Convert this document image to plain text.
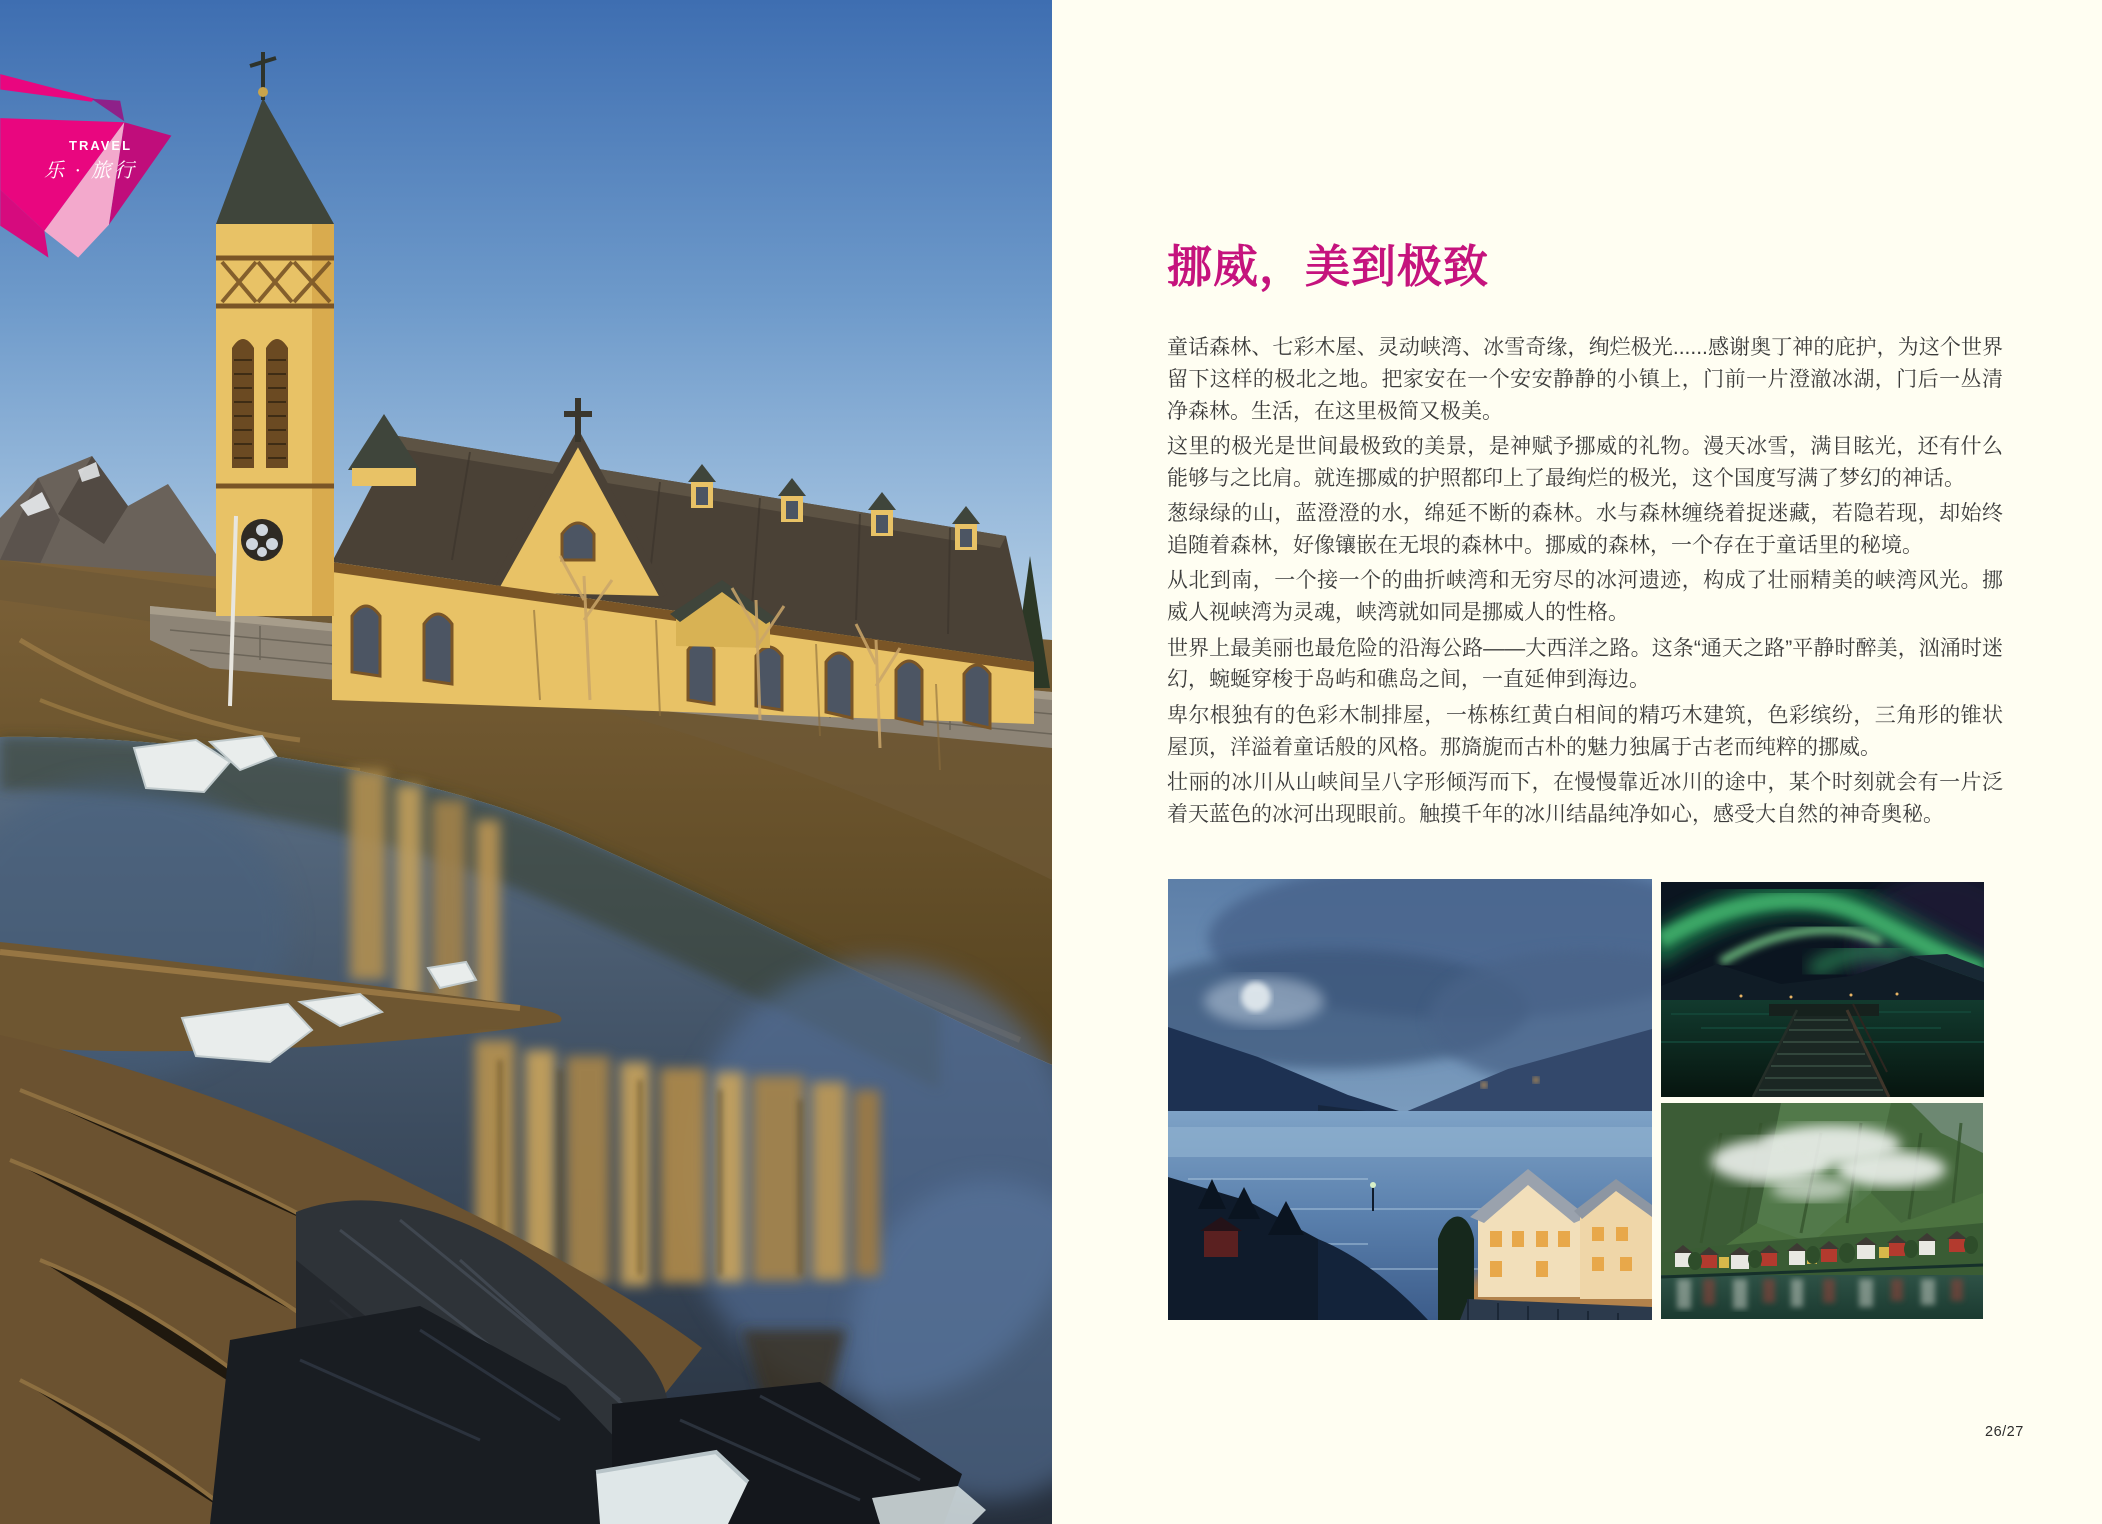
TRAVEL
乐 · 旅行
挪威，美到极致

童话森林、七彩木屋、灵动峡湾、冰雪奇缘，绚烂极光......感谢奥丁神的庇护，为这个世界留下这样的极北之地。把家安在一个安安静静的小镇上，门前一片澄澈冰湖，门后一丛清净森林。生活，在这里极简又极美。

这里的极光是世间最极致的美景，是神赋予挪威的礼物。漫天冰雪，满目眩光，还有什么能够与之比肩。就连挪威的护照都印上了最绚烂的极光，这个国度写满了梦幻的神话。

葱绿绿的山，蓝澄澄的水，绵延不断的森林。水与森林缠绕着捉迷藏，若隐若现，却始终追随着森林，好像镶嵌在无垠的森林中。挪威的森林，一个存在于童话里的秘境。

从北到南，一个接一个的曲折峡湾和无穷尽的冰河遗迹，构成了壮丽精美的峡湾风光。挪威人视峡湾为灵魂，峡湾就如同是挪威人的性格。

世界上最美丽也最危险的沿海公路——大西洋之路。这条“通天之路”平静时醉美，汹涌时迷幻，蜿蜒穿梭于岛屿和礁岛之间，一直延伸到海边。

卑尔根独有的色彩木制排屋，一栋栋红黄白相间的精巧木建筑，色彩缤纷，三角形的锥状屋顶，洋溢着童话般的风格。那旖旎而古朴的魅力独属于古老而纯粹的挪威。

壮丽的冰川从山峡间呈八字形倾泻而下，在慢慢靠近冰川的途中，某个时刻就会有一片泛着天蓝色的冰河出现眼前。触摸千年的冰川结晶纯净如心，感受大自然的神奇奥秘。

26/27
